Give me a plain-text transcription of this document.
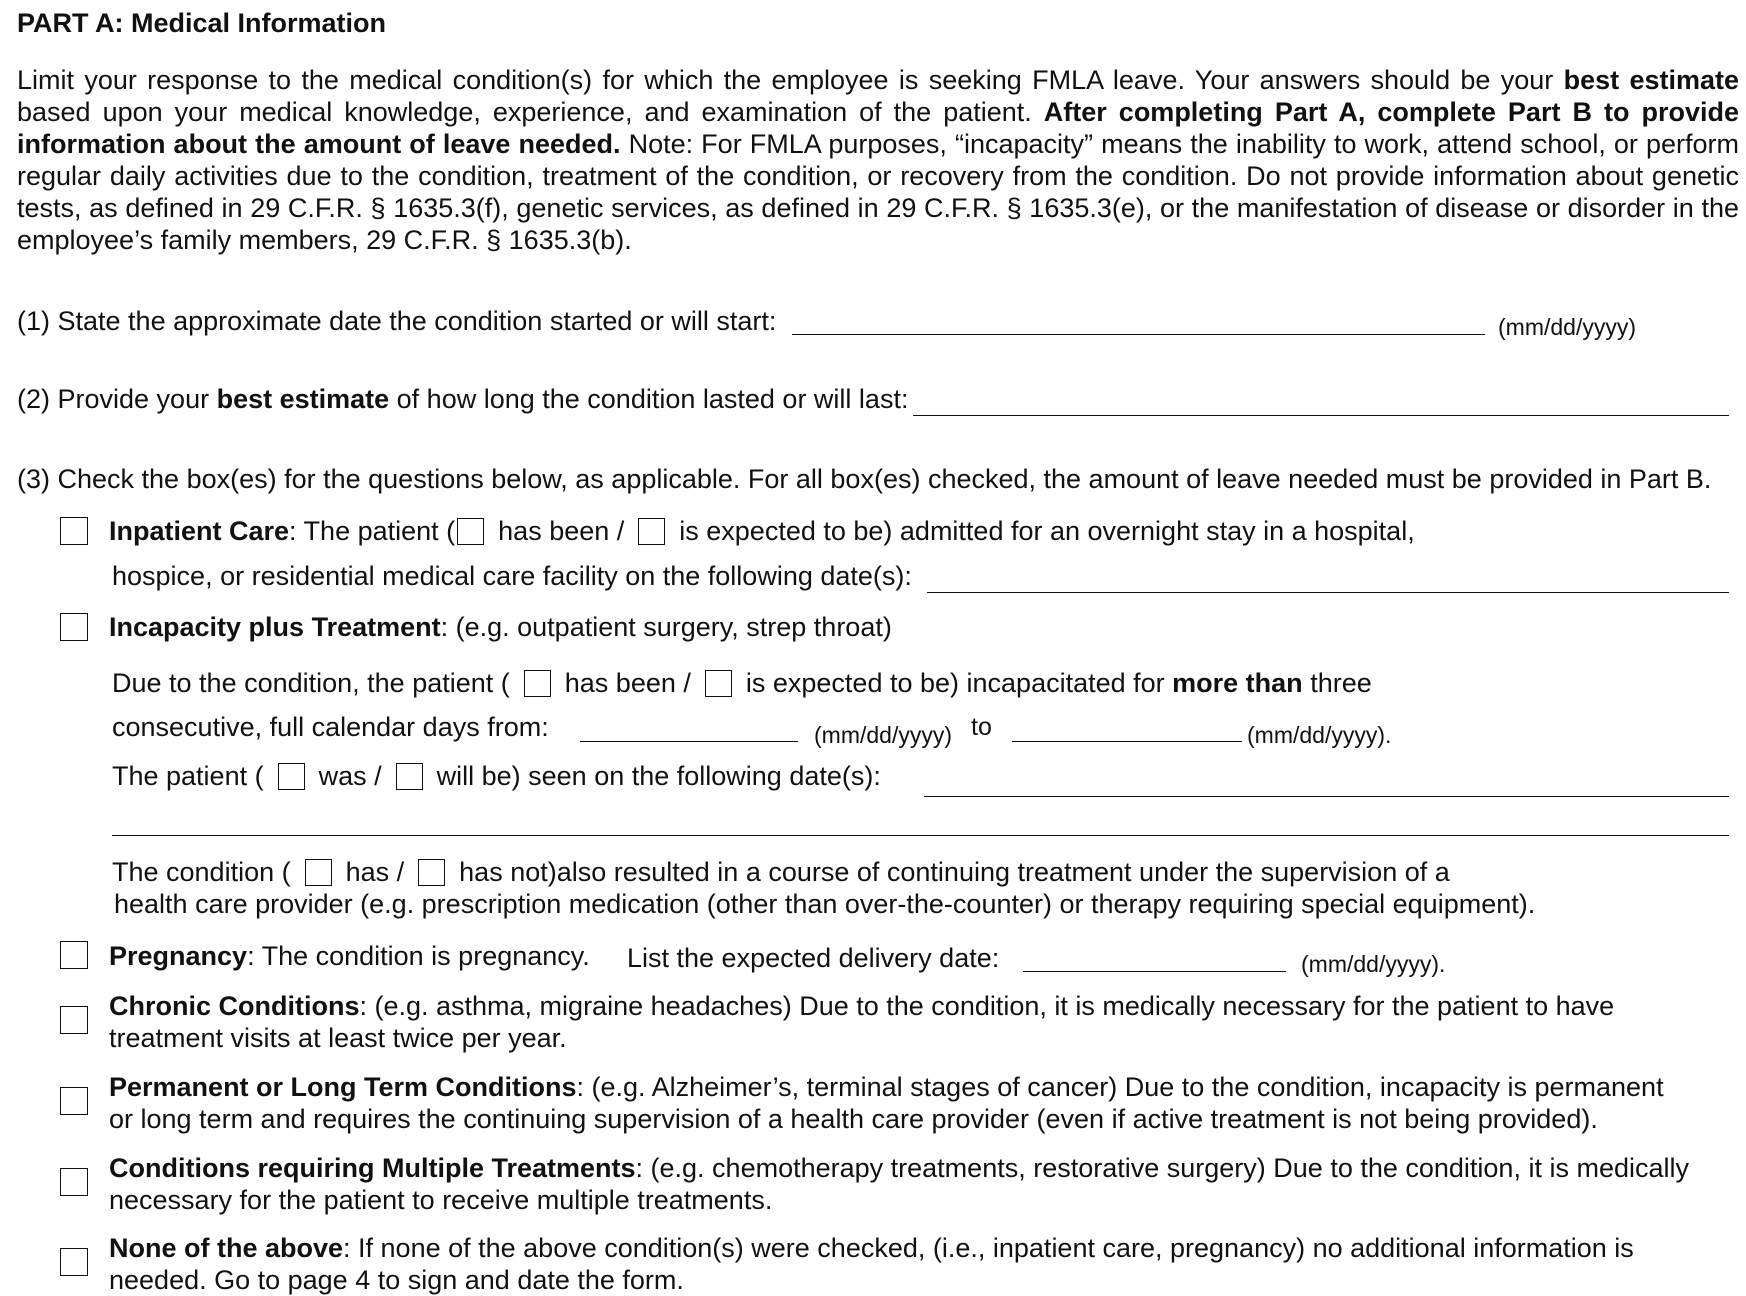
PART A: Medical Information
Limit your response to the medical condition(s) for which the employee is seeking FMLA leave. Your answers should be your best estimate based upon your medical knowledge, experience, and examination of the patient. After completing Part A, complete Part B to provide information about the amount of leave needed. Note: For FMLA purposes, “incapacity” means the inability to work, attend school, or perform regular daily activities due to the condition, treatment of the condition, or recovery from the condition. Do not provide information about genetic tests, as defined in 29 C.F.R. § 1635.3(f), genetic services, as defined in 29 C.F.R. § 1635.3(e), or the manifestation of disease or disorder in the employee’s family members, 29 C.F.R. § 1635.3(b).
(1) State the approximate date the condition started or will start:	(mm/dd/yyyy)
(2) Provide your best estimate of how long the condition lasted or will last:
(3) Check the box(es) for the questions below, as applicable. For all box(es) checked, the amount of leave needed must be provided in Part B.
Inpatient Care: The patient ( has been / is expected to be) admitted for an overnight stay in a hospital,
hospice, or residential medical care facility on the following date(s):
Incapacity plus Treatment: (e.g. outpatient surgery, strep throat)
Due to the condition, the patient ( has been / is expected to be) incapacitated for more than three
consecutive, full calendar days from:	(mm/dd/yyyy) to	(mm/dd/yyyy).
The patient ( was / will be) seen on the following date(s):
The condition ( has / has not)also resulted in a course of continuing treatment under the supervision of a
health care provider (e.g. prescription medication (other than over-the-counter) or therapy requiring special equipment).
Pregnancy: The condition is pregnancy. List the expected delivery date:	(mm/dd/yyyy).
Chronic Conditions: (e.g. asthma, migraine headaches) Due to the condition, it is medically necessary for the patient to have
treatment visits at least twice per year.
Permanent or Long Term Conditions: (e.g. Alzheimer’s, terminal stages of cancer) Due to the condition, incapacity is permanent
or long term and requires the continuing supervision of a health care provider (even if active treatment is not being provided).
Conditions requiring Multiple Treatments: (e.g. chemotherapy treatments, restorative surgery) Due to the condition, it is medically
necessary for the patient to receive multiple treatments.
None of the above: If none of the above condition(s) were checked, (i.e., inpatient care, pregnancy) no additional information is
needed. Go to page 4 to sign and date the form.
